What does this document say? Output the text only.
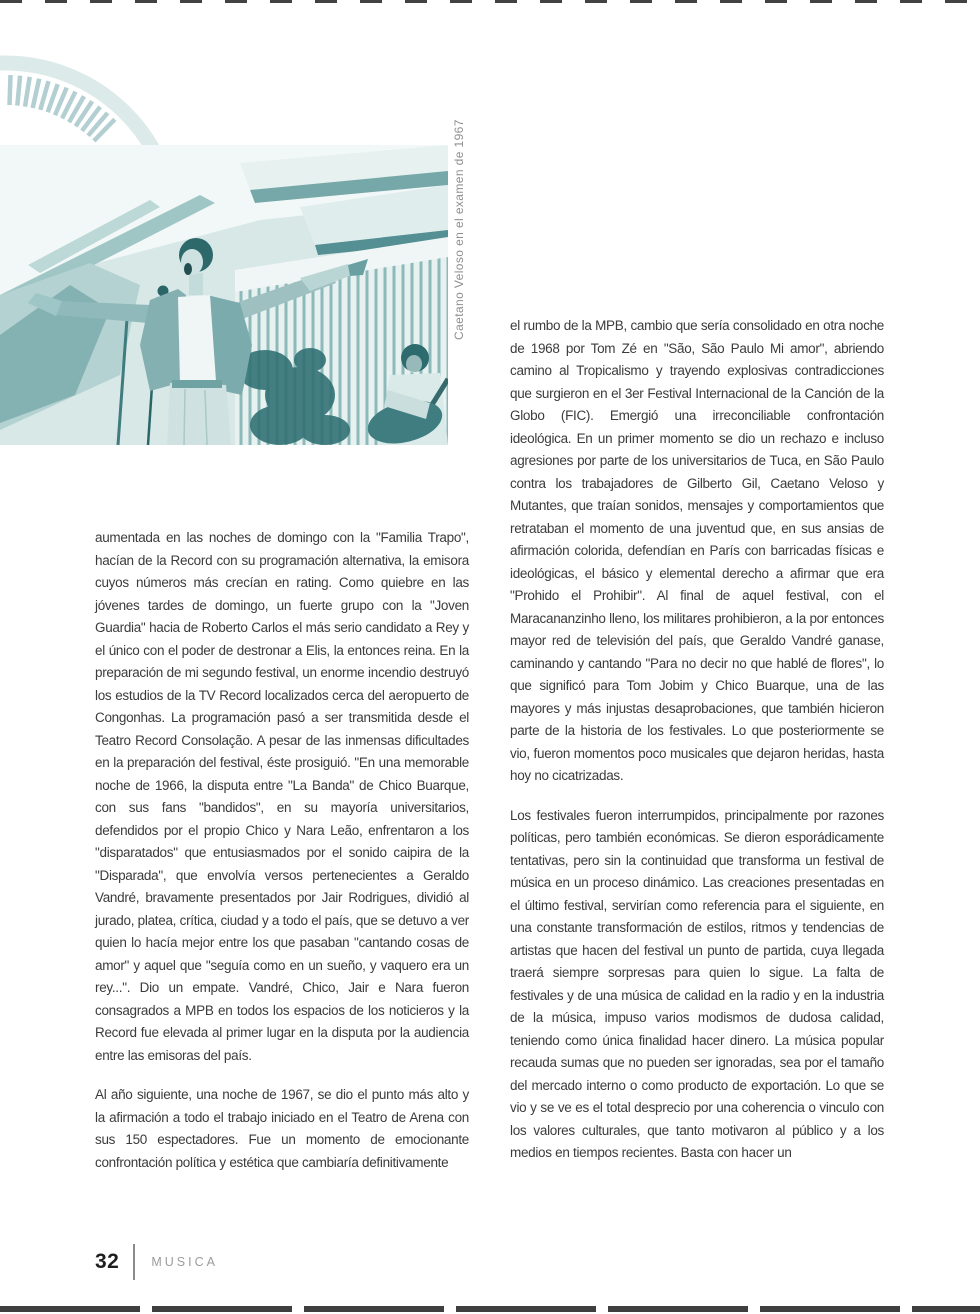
Caetano Veloso en el examen de 1967

aumentada en las noches de domingo con la "Familia Trapo", hacían de la Record con su programación alternativa, la emisora cuyos números más crecían en rating. Como quiebre en las jóvenes tardes de domingo, un fuerte grupo con la "Joven Guardia" hacia de Roberto Carlos el más serio candidato a Rey y el único con el poder de destronar a Elis, la entonces reina. En la preparación de mi segundo festival, un enorme incendio destruyó los estudios de la TV Record localizados cerca del aeropuerto de Congonhas. La programación pasó a ser transmitida desde el Teatro Record Consolação. A pesar de las inmensas dificultades en la preparación del festival, éste prosiguió. "En una memorable noche de 1966, la disputa entre "La Banda" de Chico Buarque, con sus fans "bandidos", en su mayoría universitarios, defendidos por el propio Chico y Nara Leão, enfrentaron a los "disparatados" que entusiasmados por el sonido caipira de la "Disparada", que envolvía versos pertenecientes a Geraldo Vandré, bravamente presentados por Jair Rodrigues, dividió al jurado, platea, crítica, ciudad y a todo el país, que se detuvo a ver quien lo hacía mejor entre los que pasaban "cantando cosas de amor" y aquel que "seguía como en un sueño, y vaquero era un rey...". Dio un empate. Vandré, Chico, Jair e Nara fueron consagrados a MPB en todos los espacios de los noticieros y la Record fue elevada al primer lugar en la disputa por la audiencia entre las emisoras del país.

Al año siguiente, una noche de 1967, se dio el punto más alto y la afirmación a todo el trabajo iniciado en el Teatro de Arena con sus 150 espectadores. Fue un momento de emocionante confrontación política y estética que cambiaría definitivamente

el rumbo de la MPB, cambio que sería consolidado en otra noche de 1968 por Tom Zé en "São, São Paulo Mi amor", abriendo camino al Tropicalismo y trayendo explosivas contradicciones que surgieron en el 3er Festival Internacional de la Canción de la Globo (FIC). Emergió una irreconciliable confrontación ideológica. En un primer momento se dio un rechazo e incluso agresiones por parte de los universitarios de Tuca, en São Paulo contra los trabajadores de Gilberto Gil, Caetano Veloso y Mutantes, que traían sonidos, mensajes y comportamientos que retrataban el momento de una juventud que, en sus ansias de afirmación colorida, defendían en París con barricadas físicas e ideológicas, el básico y elemental derecho a afirmar que era "Prohido el Prohibir". Al final de aquel festival, con el Maracananzinho lleno, los militares prohibieron, a la por entonces mayor red de televisión del país, que Geraldo Vandré ganase, caminando y cantando "Para no decir no que hablé de flores", lo que significó para Tom Jobim y Chico Buarque, una de las mayores y más injustas desaprobaciones, que también hicieron parte de la historia de los festivales. Lo que posteriormente se vio, fueron momentos poco musicales que dejaron heridas, hasta hoy no cicatrizadas.

Los festivales fueron interrumpidos, principalmente por razones políticas, pero también económicas. Se dieron esporádicamente tentativas, pero sin la continuidad que transforma un festival de música en un proceso dinámico. Las creaciones presentadas en el último festival, servirían como referencia para el siguiente, en una constante transformación de estilos, ritmos y tendencias de artistas que hacen del festival un punto de partida, cuya llegada traerá siempre sorpresas para quien lo sigue. La falta de festivales y de una música de calidad en la radio y en la industria de la música, impuso varios modismos de dudosa calidad, teniendo como única finalidad hacer dinero. La música popular recauda sumas que no pueden ser ignoradas, sea por el tamaño del mercado interno o como producto de exportación. Lo que se vio y se ve es el total desprecio por una coherencia o vinculo con los valores culturales, que tanto motivaron al público y a los medios en tiempos recientes. Basta con hacer un

32	MUSICA
